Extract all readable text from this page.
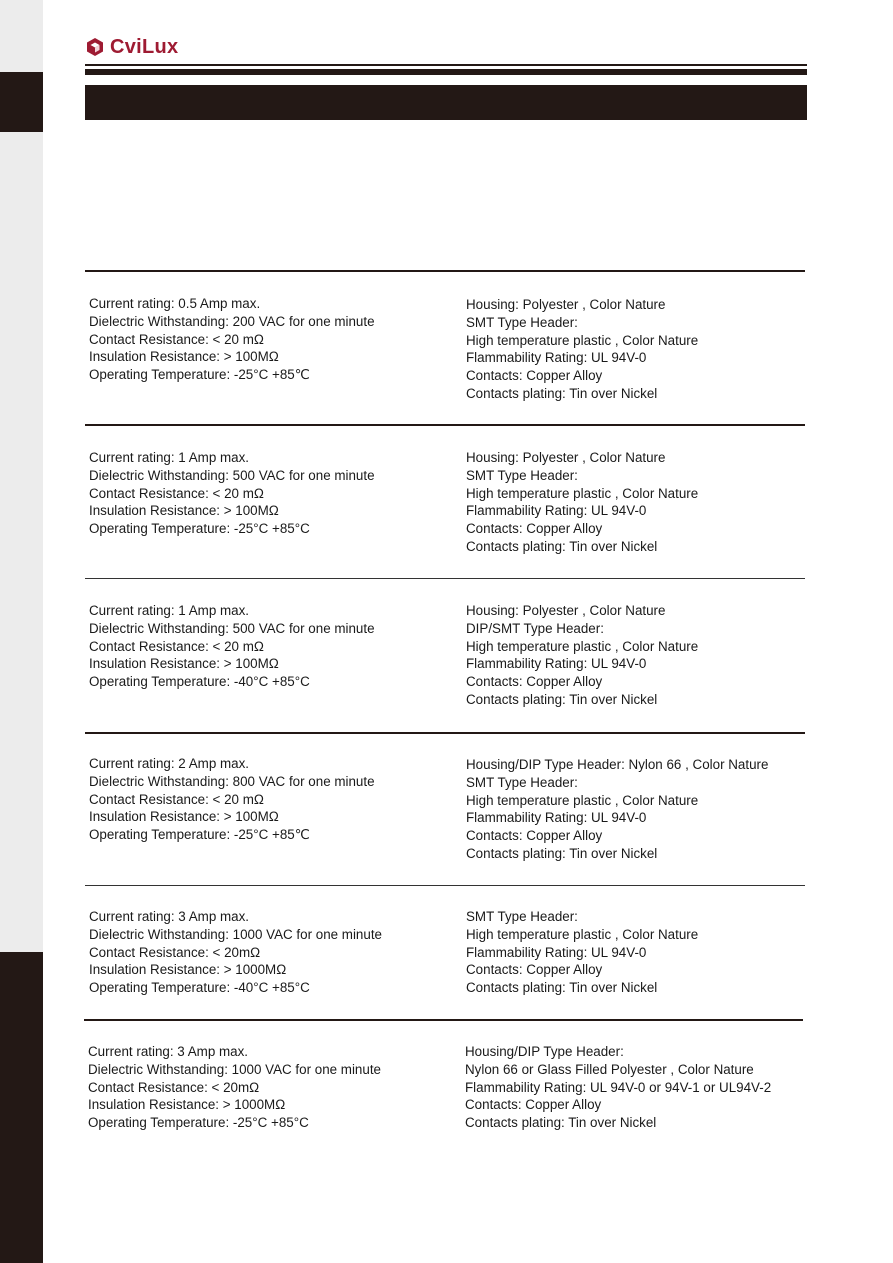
CviLux
Current rating: 0.5 Amp max.
Dielectric Withstanding: 200 VAC for one minute
Contact Resistance: < 20 mΩ
Insulation Resistance: > 100MΩ
Operating Temperature: -25°C +85℃
Housing: Polyester , Color Nature
SMT Type Header:
High temperature plastic , Color Nature
Flammability Rating: UL 94V-0
Contacts: Copper Alloy
Contacts plating: Tin over Nickel
Current rating: 1 Amp max.
Dielectric Withstanding: 500 VAC for one minute
Contact Resistance: < 20 mΩ
Insulation Resistance: > 100MΩ
Operating Temperature: -25°C +85°C
Housing: Polyester , Color Nature
SMT Type Header:
High temperature plastic , Color Nature
Flammability Rating: UL 94V-0
Contacts: Copper Alloy
Contacts plating: Tin over Nickel
Current rating: 1 Amp max.
Dielectric Withstanding: 500 VAC for one minute
Contact Resistance: < 20 mΩ
Insulation Resistance: > 100MΩ
Operating Temperature: -40°C +85°C
Housing: Polyester , Color Nature
DIP/SMT Type Header:
High temperature plastic , Color Nature
Flammability Rating: UL 94V-0
Contacts: Copper Alloy
Contacts plating: Tin over Nickel
Current rating: 2 Amp max.
Dielectric Withstanding: 800 VAC for one minute
Contact Resistance: < 20 mΩ
Insulation Resistance: > 100MΩ
Operating Temperature: -25°C +85℃
Housing/DIP Type Header: Nylon 66 , Color Nature
SMT Type Header:
High temperature plastic , Color Nature
Flammability Rating: UL 94V-0
Contacts: Copper Alloy
Contacts plating: Tin over Nickel
Current rating: 3 Amp max.
Dielectric Withstanding: 1000 VAC for one minute
Contact Resistance: < 20mΩ
Insulation Resistance: > 1000MΩ
Operating Temperature: -40°C +85°C
SMT Type Header:
High temperature plastic , Color Nature
Flammability Rating: UL 94V-0
Contacts: Copper Alloy
Contacts plating: Tin over Nickel
Current rating: 3 Amp max.
Dielectric Withstanding: 1000 VAC for one minute
Contact Resistance: < 20mΩ
Insulation Resistance: > 1000MΩ
Operating Temperature: -25°C +85°C
Housing/DIP Type Header:
Nylon 66 or Glass Filled Polyester , Color Nature
Flammability Rating: UL 94V-0 or 94V-1 or UL94V-2
Contacts: Copper Alloy
Contacts plating: Tin over Nickel
